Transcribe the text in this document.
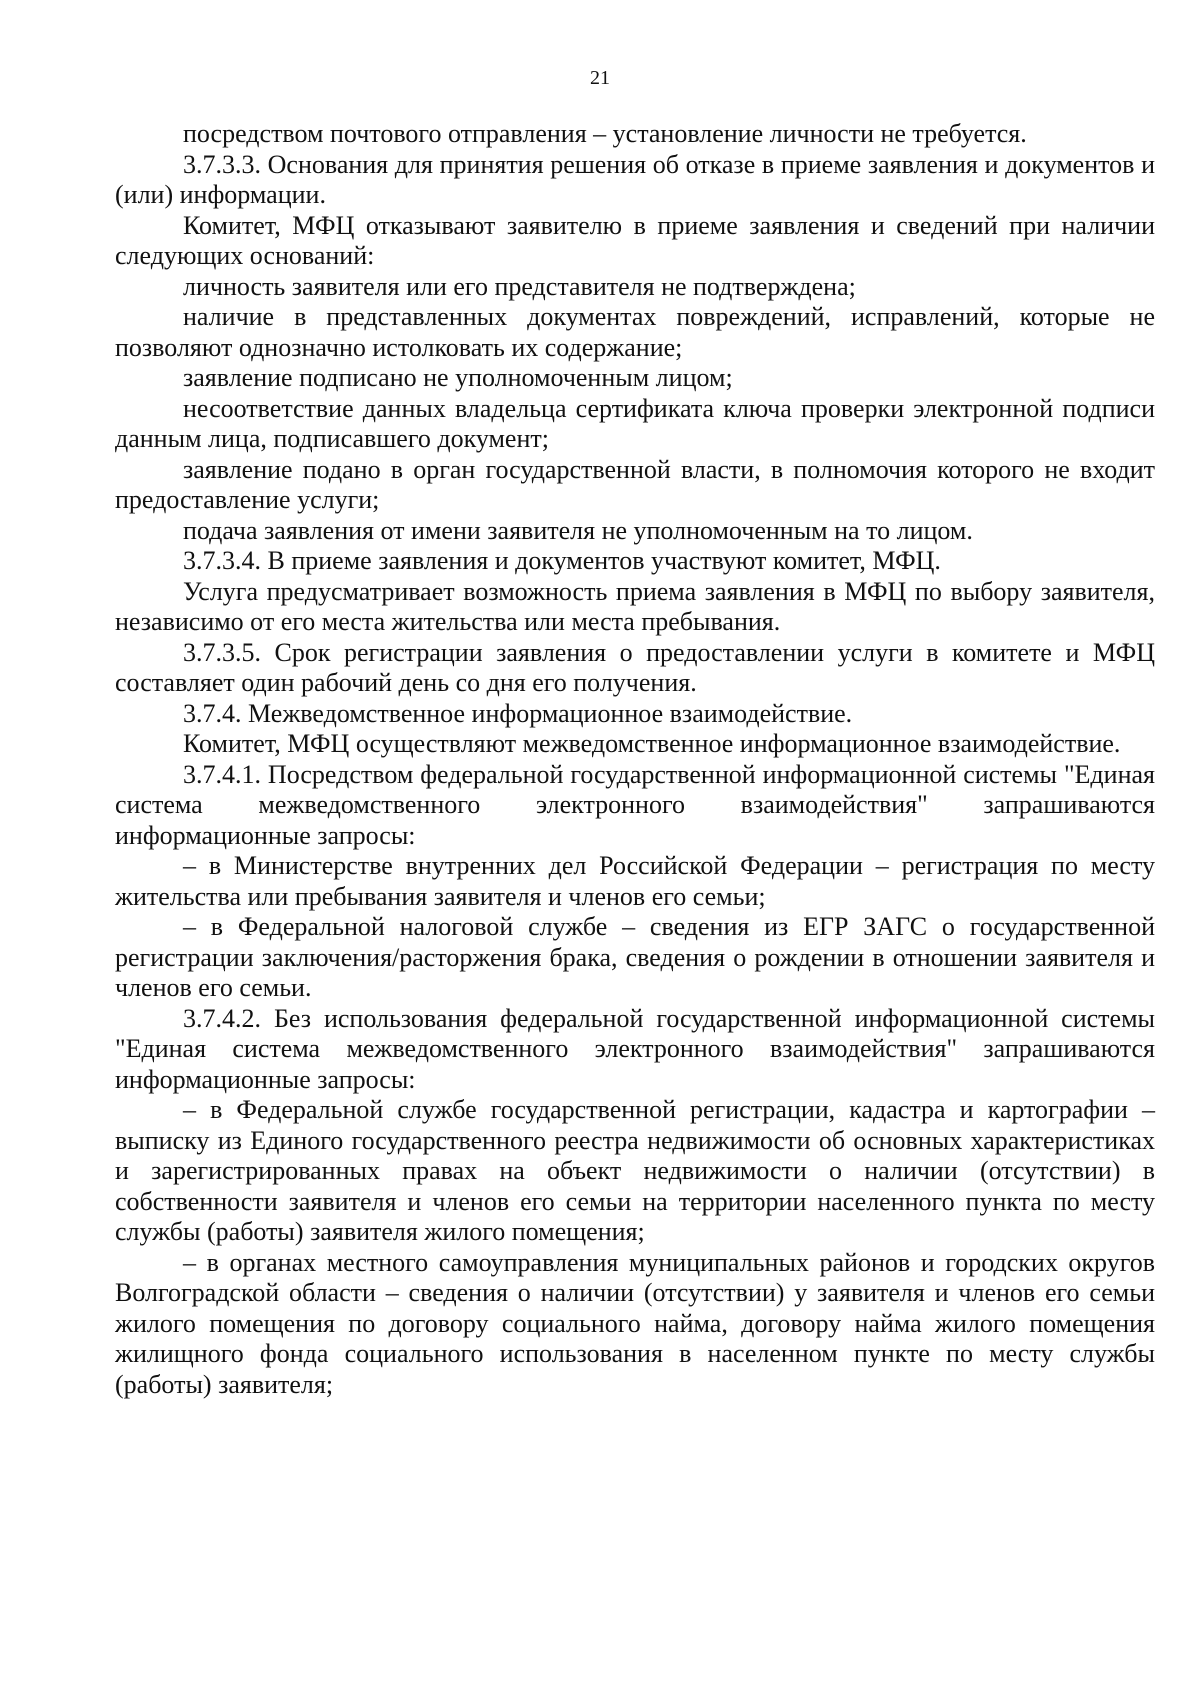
21

посредством почтового отправления – установление личности не требуется.

3.7.3.3. Основания для принятия решения об отказе в приеме заявления и документов и (или) информации.

Комитет, МФЦ отказывают заявителю в приеме заявления и сведений при наличии следующих оснований:

личность заявителя или его представителя не подтверждена;

наличие в представленных документах повреждений, исправлений, которые не позволяют однозначно истолковать их содержание;

заявление подписано не уполномоченным лицом;

несоответствие данных владельца сертификата ключа проверки электронной подписи данным лица, подписавшего документ;

заявление подано в орган государственной власти, в полномочия которого не входит предоставление услуги;

подача заявления от имени заявителя не уполномоченным на то лицом.

3.7.3.4. В приеме заявления и документов участвуют комитет, МФЦ.

Услуга предусматривает возможность приема заявления в МФЦ по выбору заявителя, независимо от его места жительства или места пребывания.

3.7.3.5. Срок регистрации заявления о предоставлении услуги в комитете и МФЦ составляет один рабочий день со дня его получения.

3.7.4. Межведомственное информационное взаимодействие.

Комитет, МФЦ осуществляют межведомственное информационное взаимодействие.

3.7.4.1. Посредством федеральной государственной информационной системы "Единая система межведомственного электронного взаимодействия" запрашиваются информационные запросы:

– в Министерстве внутренних дел Российской Федерации – регистрация по месту жительства или пребывания заявителя и членов его семьи;

– в Федеральной налоговой службе – сведения из ЕГР ЗАГС о государственной регистрации заключения/расторжения брака, сведения о рождении в отношении заявителя и членов его семьи.

3.7.4.2. Без использования федеральной государственной информационной системы "Единая система межведомственного электронного взаимодействия" запрашиваются информационные запросы:

– в Федеральной службе государственной регистрации, кадастра и картографии – выписку из Единого государственного реестра недвижимости об основных характеристиках и зарегистрированных правах на объект недвижимости о наличии (отсутствии) в собственности заявителя и членов его семьи на территории населенного пункта по месту службы (работы) заявителя жилого помещения;

– в органах местного самоуправления муниципальных районов и городских округов Волгоградской области – сведения о наличии (отсутствии) у заявителя и членов его семьи жилого помещения по договору социального найма, договору найма жилого помещения жилищного фонда социального использования в населенном пункте по месту службы (работы) заявителя;
